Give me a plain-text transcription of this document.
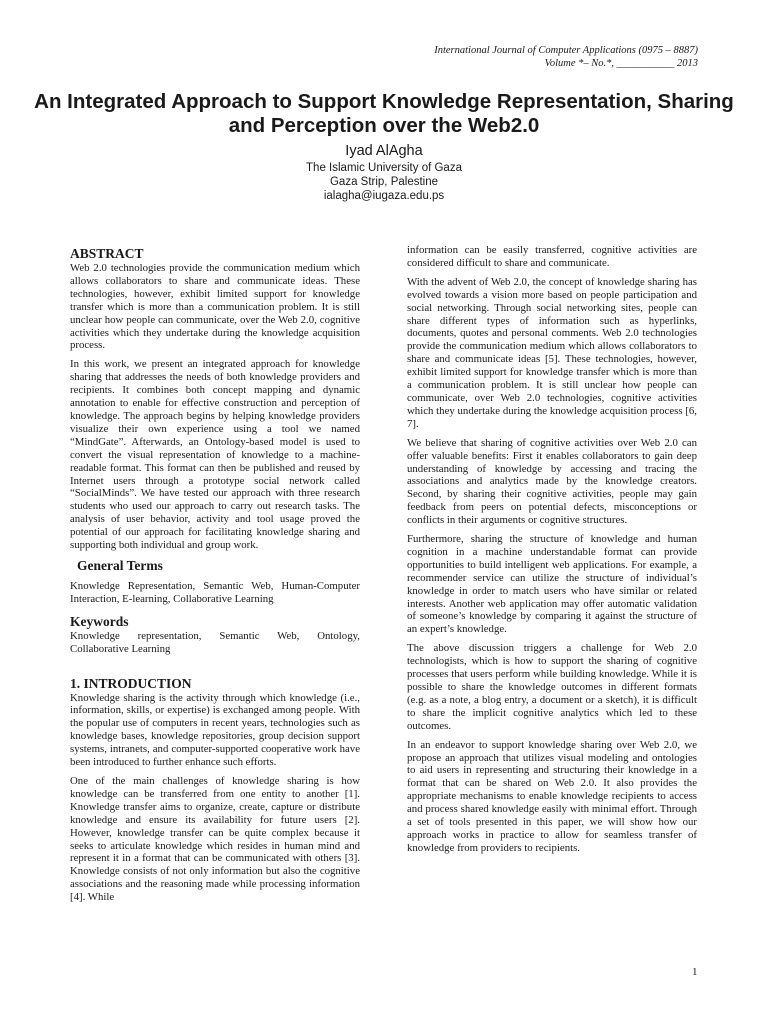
International Journal of Computer Applications (0975 – 8887)
Volume *– No.*, ___________ 2013
An Integrated Approach to Support Knowledge Representation, Sharing and Perception over the Web2.0
Iyad AlAgha
The Islamic University of Gaza
Gaza Strip, Palestine
ialagha@iugaza.edu.ps
ABSTRACT

Web 2.0 technologies provide the communication medium which allows collaborators to share and communicate ideas. These technologies, however, exhibit limited support for knowledge transfer which is more than a communication problem. It is still unclear how people can communicate, over the Web 2.0, cognitive activities which they undertake during the knowledge acquisition process.

In this work, we present an integrated approach for knowledge sharing that addresses the needs of both knowledge providers and recipients. It combines both concept mapping and dynamic annotation to enable for effective construction and perception of knowledge. The approach begins by helping knowledge providers visualize their own experience using a tool we named “MindGate”. Afterwards, an Ontology-based model is used to convert the visual representation of knowledge to a machine-readable format. This format can then be published and reused by Internet users through a prototype social network called “SocialMinds”. We have tested our approach with three research students who used our approach to carry out research tasks. The analysis of user behavior, activity and tool usage proved the potential of our approach for facilitating knowledge sharing and supporting both individual and group work.

General Terms

Knowledge Representation, Semantic Web, Human-Computer Interaction, E-learning, Collaborative Learning

Keywords

Knowledge representation, Semantic Web, Ontology, Collaborative Learning

1. INTRODUCTION

Knowledge sharing is the activity through which knowledge (i.e., information, skills, or expertise) is exchanged among people. With the popular use of computers in recent years, technologies such as knowledge bases, knowledge repositories, group decision support systems, intranets, and computer-supported cooperative work have been introduced to further enhance such efforts.

One of the main challenges of knowledge sharing is how knowledge can be transferred from one entity to another [1]. Knowledge transfer aims to organize, create, capture or distribute knowledge and ensure its availability for future users [2]. However, knowledge transfer can be quite complex because it seeks to articulate knowledge which resides in human mind and represent it in a format that can be communicated with others [3]. Knowledge consists of not only information but also the cognitive associations and the reasoning made while processing information [4]. While

information can be easily transferred, cognitive activities are considered difficult to share and communicate.

With the advent of Web 2.0, the concept of knowledge sharing has evolved towards a vision more based on people participation and social networking. Through social networking sites, people can share different types of information such as hyperlinks, documents, quotes and personal comments. Web 2.0 technologies provide the communication medium which allows collaborators to share and communicate ideas [5]. These technologies, however, exhibit limited support for knowledge transfer which is more than a communication problem. It is still unclear how people can communicate, over Web 2.0 technologies, cognitive activities which they undertake during the knowledge acquisition process [6, 7].

We believe that sharing of cognitive activities over Web 2.0 can offer valuable benefits: First it enables collaborators to gain deep understanding of knowledge by accessing and tracing the associations and analytics made by the knowledge creators. Second, by sharing their cognitive activities, people may gain feedback from peers on potential defects, misconceptions or conflicts in their arguments or cognitive structures.

Furthermore, sharing the structure of knowledge and human cognition in a machine understandable format can provide opportunities to build intelligent web applications. For example, a recommender service can utilize the structure of individual’s knowledge in order to match users who have similar or related interests. Another web application may offer automatic validation of someone’s knowledge by comparing it against the structure of an expert’s knowledge.

The above discussion triggers a challenge for Web 2.0 technologists, which is how to support the sharing of cognitive processes that users perform while building knowledge. While it is possible to share the knowledge outcomes in different formats (e.g. as a note, a blog entry, a document or a sketch), it is difficult to share the implicit cognitive analytics which led to these outcomes.

In an endeavor to support knowledge sharing over Web 2.0, we propose an approach that utilizes visual modeling and ontologies to aid users in representing and structuring their knowledge in a format that can be shared on Web 2.0. It also provides the appropriate mechanisms to enable knowledge recipients to access and process shared knowledge easily with minimal effort. Through a set of tools presented in this paper, we will show how our approach works in practice to allow for seamless transfer of knowledge from providers to recipients.

1
